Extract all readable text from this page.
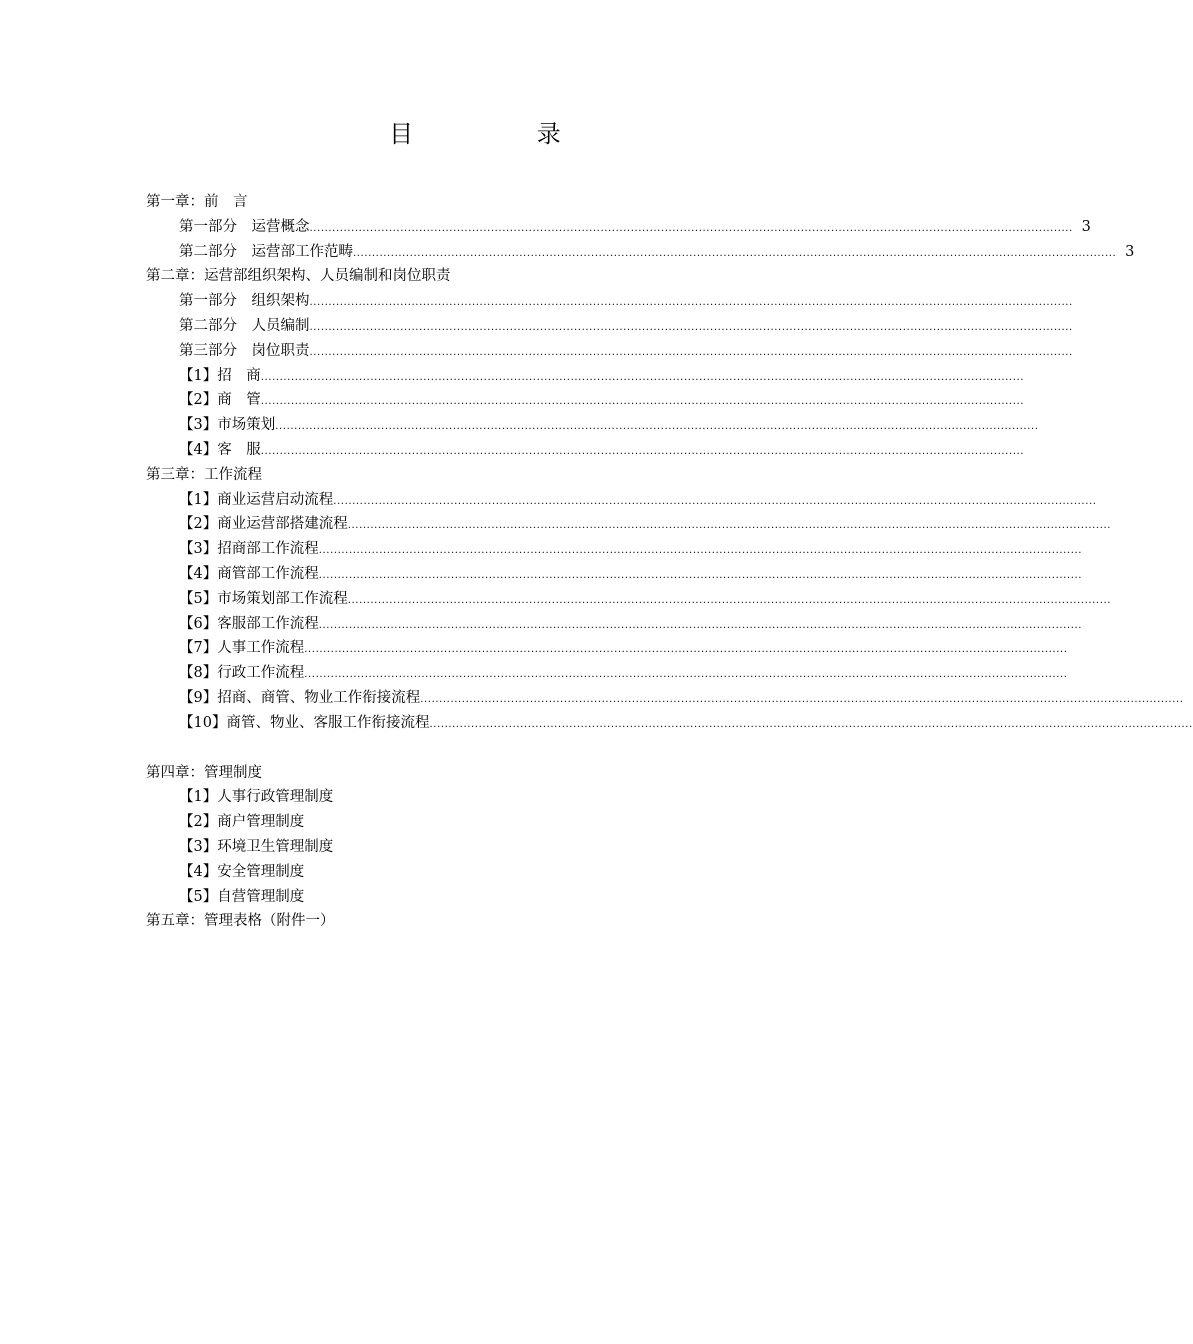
目 录
第一章：前　言
第一部分　运营概念 .......................................................................................................................................................................................................... 3
第二部分　运营部工作范畴 .......................................................................................................................................................................................................... 3
第二章：运营部组织架构、人员编制和岗位职责
第一部分　组织架构 ..........................................................................................................................................................................................................
第二部分　人员编制 ..........................................................................................................................................................................................................
第三部分　岗位职责 ..........................................................................................................................................................................................................
【1】招　商 ..........................................................................................................................................................................................................
【2】商　管 ..........................................................................................................................................................................................................
【3】市场策划 ..........................................................................................................................................................................................................
【4】客　服 ..........................................................................................................................................................................................................
第三章：工作流程
【1】商业运营启动流程 ..........................................................................................................................................................................................................
【2】商业运营部搭建流程 ..........................................................................................................................................................................................................
【3】招商部工作流程 ..........................................................................................................................................................................................................
【4】商管部工作流程 ..........................................................................................................................................................................................................
【5】市场策划部工作流程 ..........................................................................................................................................................................................................
【6】客服部工作流程 ..........................................................................................................................................................................................................
【7】人事工作流程 ..........................................................................................................................................................................................................
【8】行政工作流程 ..........................................................................................................................................................................................................
【9】招商、商管、物业工作衔接流程 ..........................................................................................................................................................................................................
【10】商管、物业、客服工作衔接流程 ..........................................................................................................................................................................................................
第四章：管理制度
【1】人事行政管理制度
【2】商户管理制度
【3】环境卫生管理制度
【4】安全管理制度
【5】自营管理制度
第五章：管理表格（附件一）
